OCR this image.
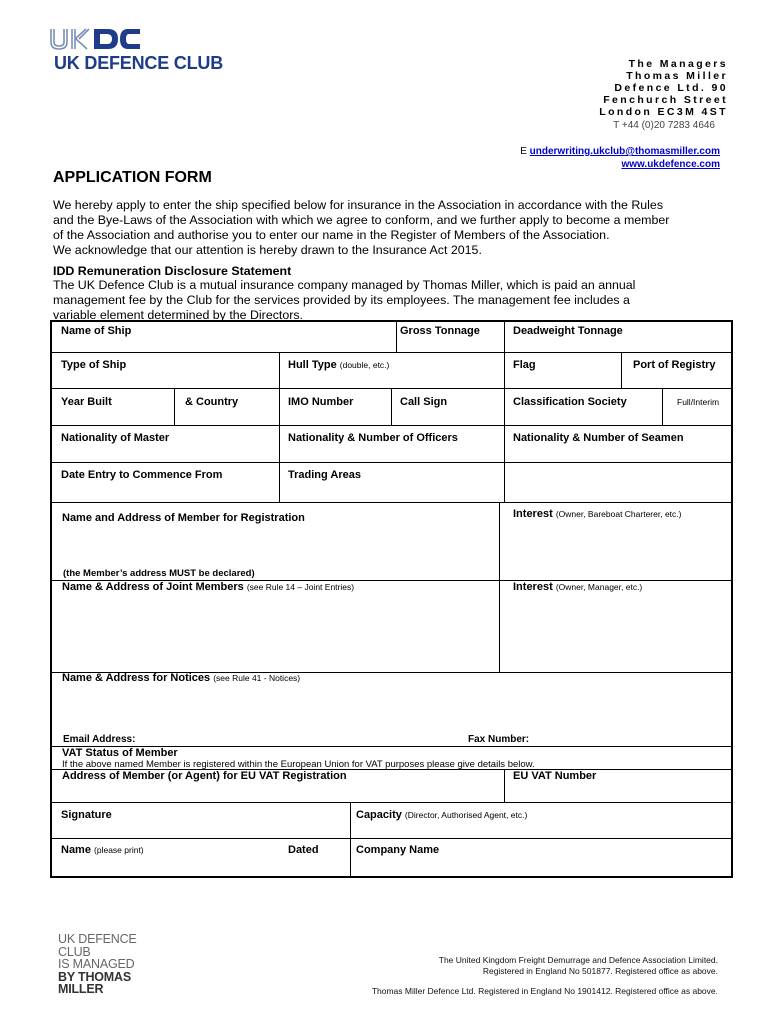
UK DEFENCE CLUB	The Managers
Thomas Miller
Defence Ltd. 90
Fenchurch Street
London EC3M 4ST
T +44 (0)20 7283 4646
E underwriting.ukclub@thomasmiller.com
www.ukdefence.com
APPLICATION FORM
We hereby apply to enter the ship specified below for insurance in the Association in accordance with the Rules
and the Bye-Laws of the Association with which we agree to conform, and we further apply to become a member
of the Association and authorise you to enter our name in the Register of Members of the Association.
We acknowledge that our attention is hereby drawn to the Insurance Act 2015.
IDD Remuneration Disclosure Statement
The UK Defence Club is a mutual insurance company managed by Thomas Miller, which is paid an annual
management fee by the Club for the services provided by its employees. The management fee includes a
variable element determined by the Directors.
Name of Ship	Gross Tonnage	Deadweight Tonnage
Type of Ship	Hull Type (double, etc.)	Flag	Port of Registry
Year Built	& Country	IMO Number	Call Sign	Classification Society	Full/Interim
Nationality of Master	Nationality & Number of Officers	Nationality & Number of Seamen
Date Entry to Commence From	Trading Areas
Name and Address of Member for Registration	Interest (Owner, Bareboat Charterer, etc.)
(the Member’s address MUST be declared)
Name & Address of Joint Members (see Rule 14 – Joint Entries)	Interest (Owner, Manager, etc.)
Name & Address for Notices (see Rule 41 - Notices)
Email Address:	Fax Number:
VAT Status of Member
If the above named Member is registered within the European Union for VAT purposes please give details below.
Address of Member (or Agent) for EU VAT Registration	EU VAT Number
Signature	Capacity (Director, Authorised Agent, etc.)
Name (please print)	Dated	Company Name
UK DEFENCE
CLUB
IS MANAGED
BY THOMAS
MILLER
The United Kingdom Freight Demurrage and Defence Association Limited.
Registered in England No 501877. Registered office as above.
Thomas Miller Defence Ltd. Registered in England No 1901412. Registered office as above.
